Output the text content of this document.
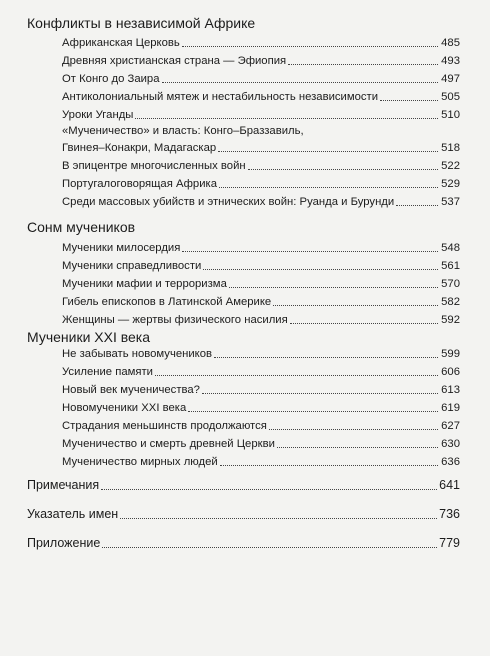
Конфликты в независимой Африке
Африканская Церковь	485
Древняя христианская страна — Эфиопия	493
От Конго до Заира	497
Антиколониальный мятеж и нестабильность независимости	505
Уроки Уганды	510
«Мученичество» и власть: Конго–Браззавиль,
Гвинея–Конакри, Мадагаскар	518
В эпицентре многочисленных войн	522
Португалоговорящая Африка	529
Среди массовых убийств и этнических войн: Руанда и Бурунди	537
Сонм мучеников
Мученики милосердия	548
Мученики справедливости	561
Мученики мафии и терроризма	570
Гибель епископов в Латинской Америке	582
Женщины — жертвы физического насилия	592
Мученики XXI века
Не забывать новомучеников	599
Усиление памяти	606
Новый век мученичества?	613
Новомученики XXI века	619
Страдания меньшинств продолжаются	627
Мученичество и смерть древней Церкви	630
Мученичество мирных людей	636
Примечания	641
Указатель имен	736
Приложение	779
